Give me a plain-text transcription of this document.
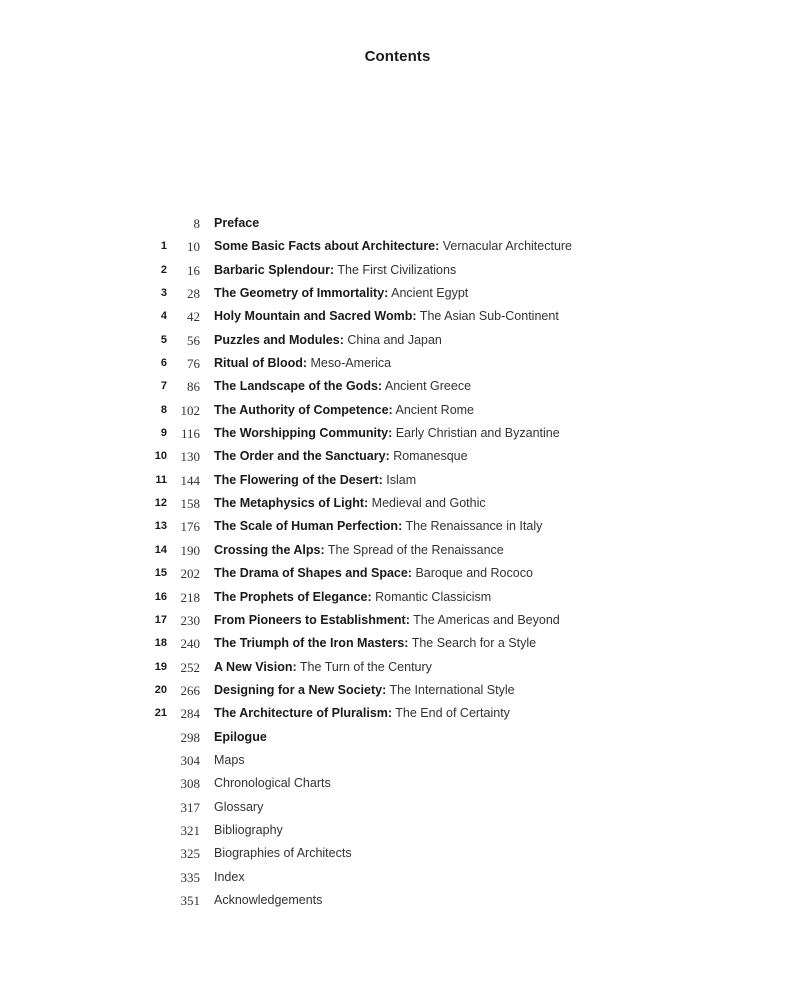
Contents
8 Preface
1	10 Some Basic Facts about Architecture: Vernacular Architecture
2	16 Barbaric Splendour: The First Civilizations
3	28 The Geometry of Immortality: Ancient Egypt
4	42 Holy Mountain and Sacred Womb: The Asian Sub-Continent
5	56 Puzzles and Modules: China and Japan
6	76 Ritual of Blood: Meso-America
7	86 The Landscape of the Gods: Ancient Greece
8	102 The Authority of Competence: Ancient Rome
9	116 The Worshipping Community: Early Christian and Byzantine
10	130 The Order and the Sanctuary: Romanesque
11	144 The Flowering of the Desert: Islam
12	158 The Metaphysics of Light: Medieval and Gothic
13	176 The Scale of Human Perfection: The Renaissance in Italy
14	190 Crossing the Alps: The Spread of the Renaissance
15	202 The Drama of Shapes and Space: Baroque and Rococo
16	218 The Prophets of Elegance: Romantic Classicism
17	230 From Pioneers to Establishment: The Americas and Beyond
18	240 The Triumph of the Iron Masters: The Search for a Style
19	252 A New Vision: The Turn of the Century
20	266 Designing for a New Society: The International Style
21	284 The Architecture of Pluralism: The End of Certainty
298 Epilogue
304 Maps
308 Chronological Charts
317 Glossary
321 Bibliography
325 Biographies of Architects
335 Index
351 Acknowledgements
